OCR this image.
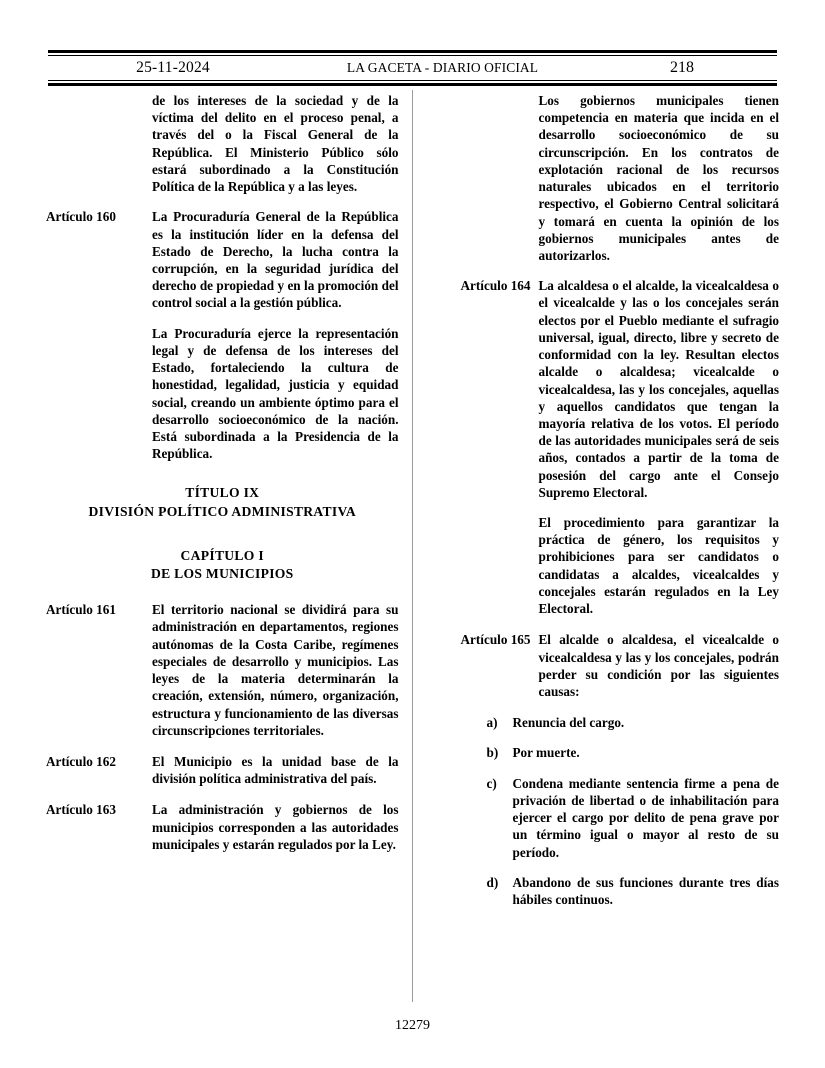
25-11-2024	LA GACETA - DIARIO OFICIAL	218

de los intereses de la sociedad y de la víctima del delito en el proceso penal, a través del o la Fiscal General de la República. El Ministerio Público sólo estará subordinado a la Constitución Política de la República y a las leyes.

Artículo 160	La Procuraduría General de la República es la institución líder en la defensa del Estado de Derecho, la lucha contra la corrupción, en la seguridad jurídica del derecho de propiedad y en la promoción del control social a la gestión pública.

La Procuraduría ejerce la representación legal y de defensa de los intereses del Estado, fortaleciendo la cultura de honestidad, legalidad, justicia y equidad social, creando un ambiente óptimo para el desarrollo socioeconómico de la nación. Está subordinada a la Presidencia de la República.

TÍTULO IX
DIVISIÓN POLÍTICO ADMINISTRATIVA
CAPÍTULO I
DE LOS MUNICIPIOS
Artículo 161	El territorio nacional se dividirá para su administración en departamentos, regiones autónomas de la Costa Caribe, regímenes especiales de desarrollo y municipios. Las leyes de la materia determinarán la creación, extensión, número, organización, estructura y funcionamiento de las diversas circunscripciones territoriales.

Artículo 162	El Municipio es la unidad base de la división política administrativa del país.

Artículo 163	La administración y gobiernos de los municipios corresponden a las autoridades municipales y estarán regulados por la Ley.

Los gobiernos municipales tienen competencia en materia que incida en el desarrollo socioeconómico de su circunscripción. En los contratos de explotación racional de los recursos naturales ubicados en el territorio respectivo, el Gobierno Central solicitará y tomará en cuenta la opinión de los gobiernos municipales antes de autorizarlos.

Artículo 164 La alcaldesa o el alcalde, la vicealcaldesa o el vicealcalde y las o los concejales serán electos por el Pueblo mediante el sufragio universal, igual, directo, libre y secreto de conformidad con la ley. Resultan electos alcalde o alcaldesa; vicealcalde o vicealcaldesa, las y los concejales, aquellas y aquellos candidatos que tengan la mayoría relativa de los votos. El período de las autoridades municipales será de seis años, contados a partir de la toma de posesión del cargo ante el Consejo Supremo Electoral.

El procedimiento para garantizar la práctica de género, los requisitos y prohibiciones para ser candidatos o candidatas a alcaldes, vicealcaldes y concejales estarán regulados en la Ley Electoral.

Artículo 165 El alcalde o alcaldesa, el vicealcalde o vicealcaldesa y las y los concejales, podrán perder su condición por las siguientes causas:

a)	Renuncia del cargo.
b)	Por muerte.
c)	Condena mediante sentencia firme a pena de privación de libertad o de inhabilitación para ejercer el cargo por delito de pena grave por un término igual o mayor al resto de su período.
d)	Abandono de sus funciones durante tres días hábiles continuos.
12279
